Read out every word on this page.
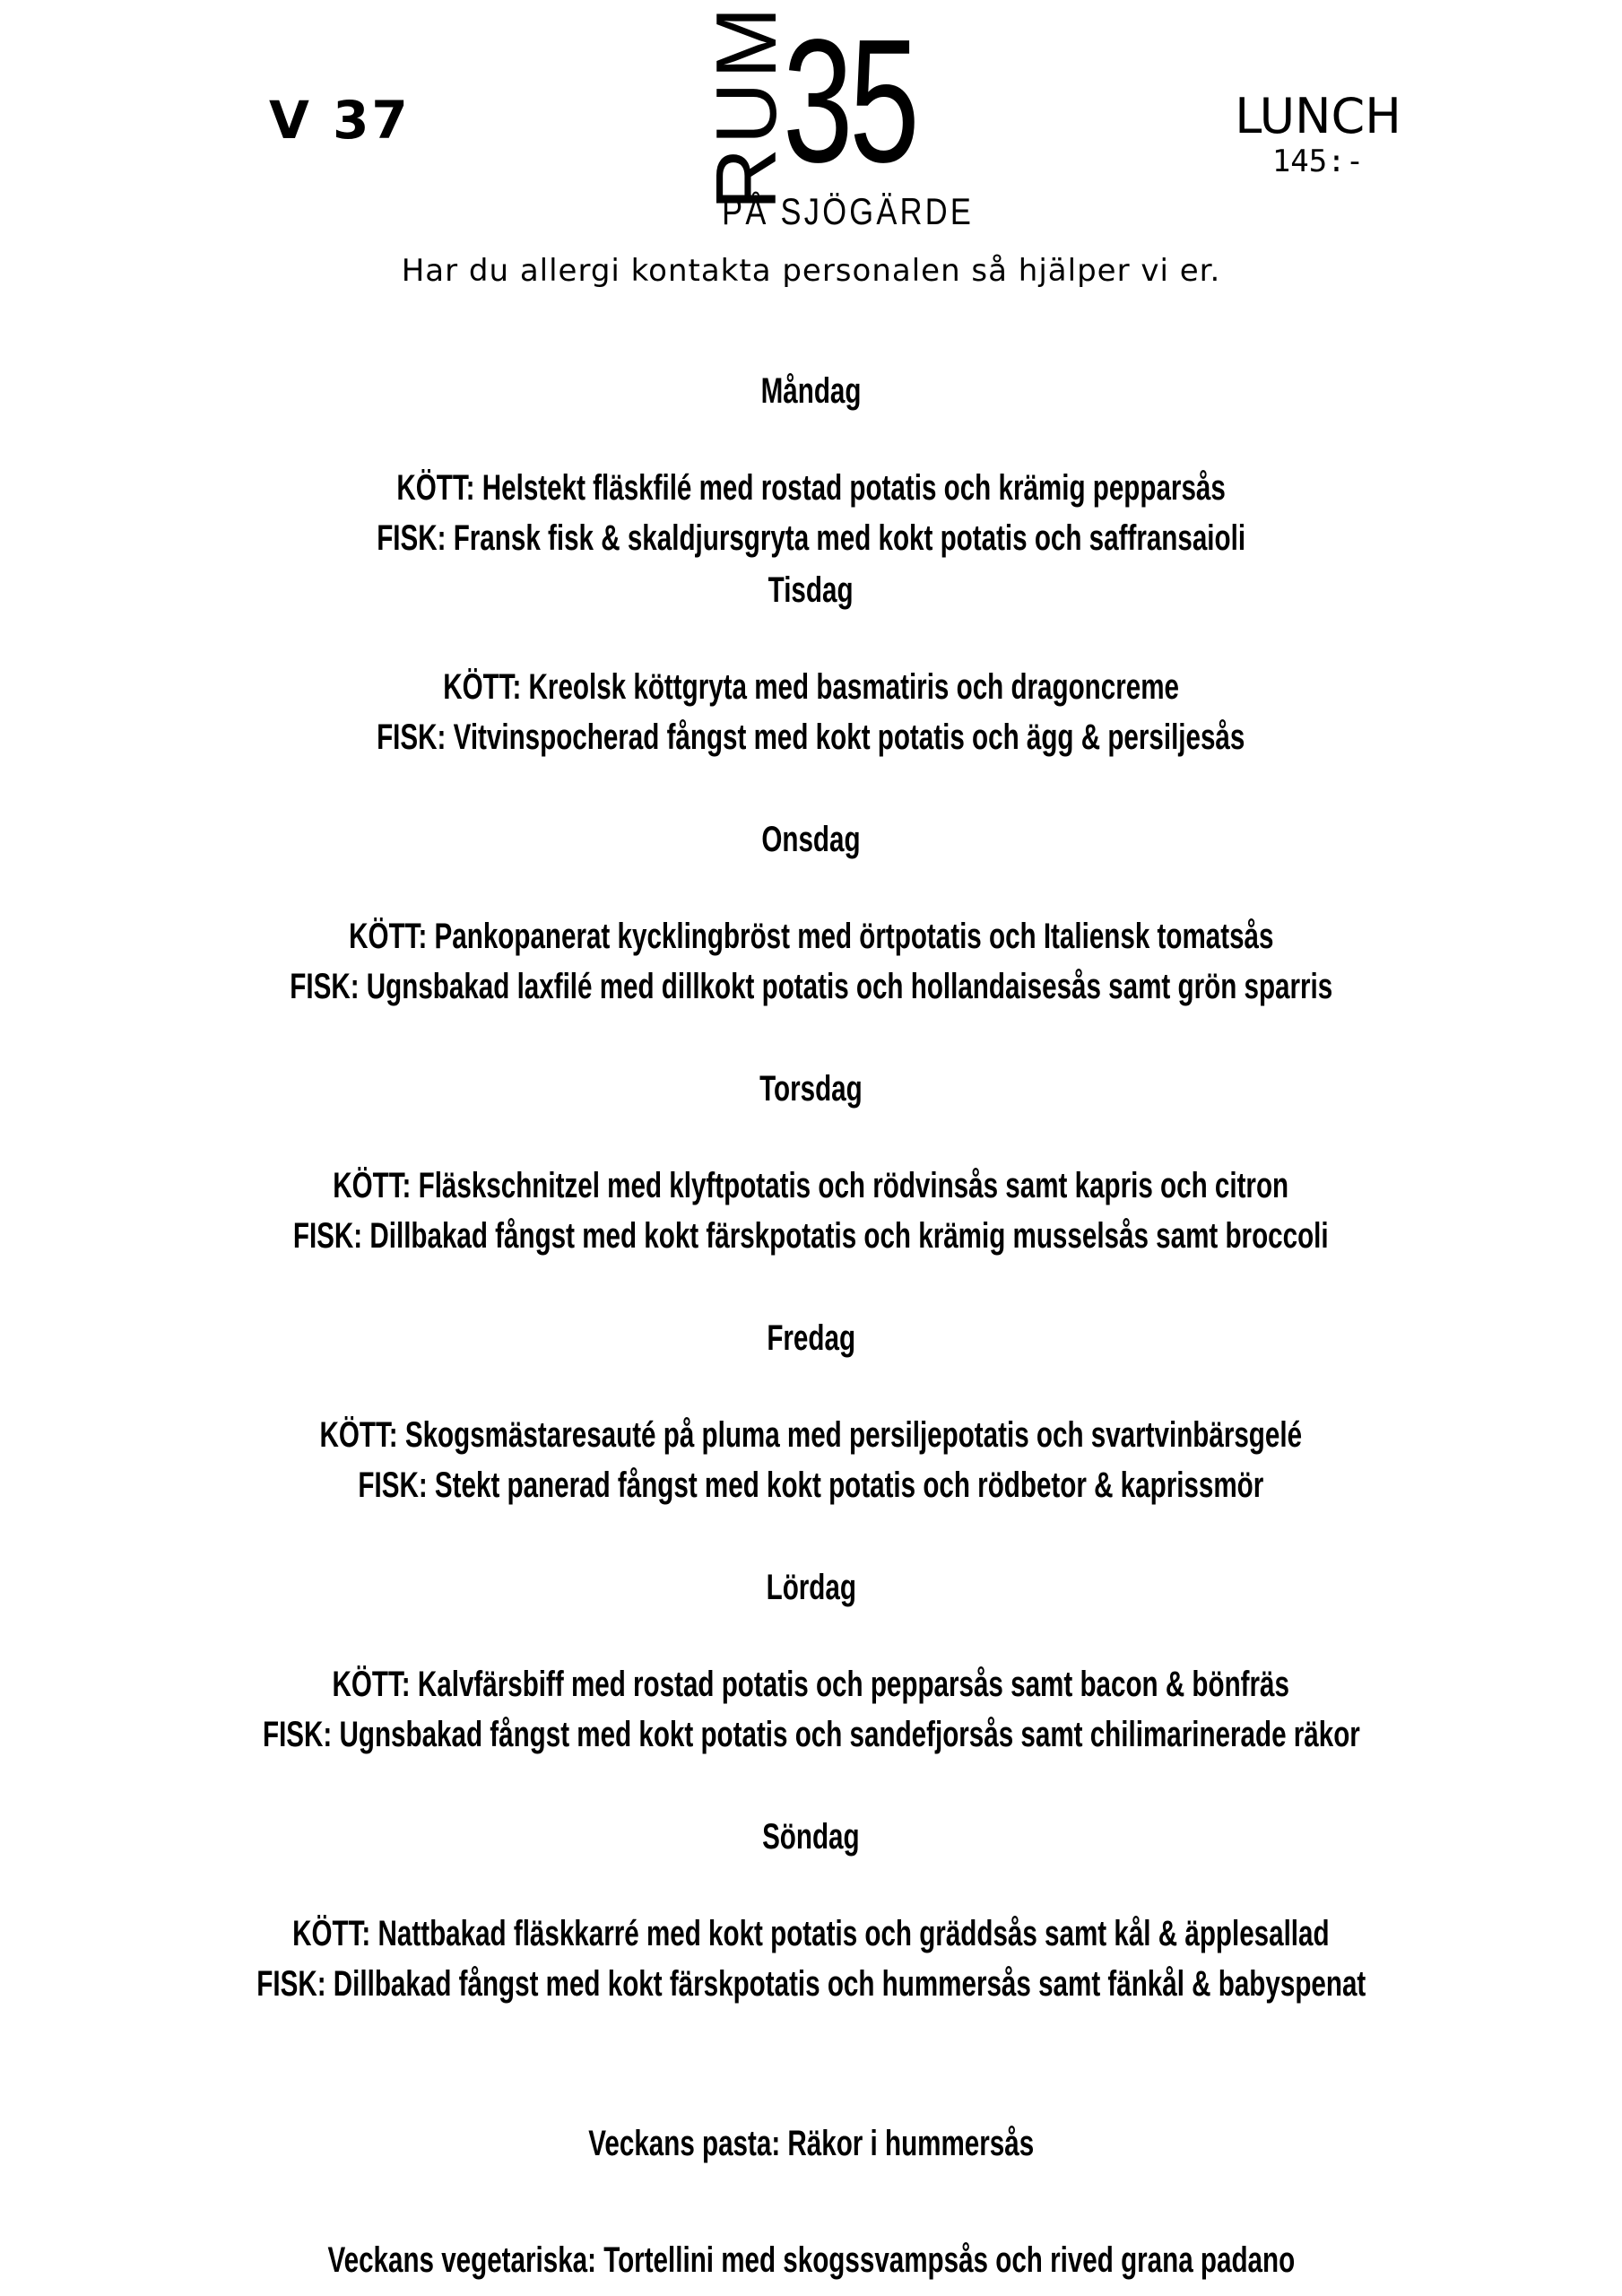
V 37	RUM
35
PÅ SJÖGÄRDE
LUNCH
145:-
Har du allergi kontakta personalen så hjälper vi er.
Måndag
KÖTT: Helstekt fläskfilé med rostad potatis och krämig pepparsås
FISK: Fransk fisk & skaldjursgryta med kokt potatis och saffransaioli
Tisdag
KÖTT: Kreolsk köttgryta med basmatiris och dragoncreme
FISK: Vitvinspocherad fångst med kokt potatis och ägg & persiljesås
Onsdag
KÖTT: Pankopanerat kycklingbröst med örtpotatis och Italiensk tomatsås
FISK: Ugnsbakad laxfilé med dillkokt potatis och hollandaisesås samt grön sparris
Torsdag
KÖTT: Fläskschnitzel med klyftpotatis och rödvinsås samt kapris och citron
FISK: Dillbakad fångst med kokt färskpotatis och krämig musselsås samt broccoli
Fredag
KÖTT: Skogsmästaresauté på pluma med persiljepotatis och svartvinbärsgelé
FISK: Stekt panerad fångst med kokt potatis och rödbetor & kaprissmör
Lördag
KÖTT: Kalvfärsbiff med rostad potatis och pepparsås samt bacon & bönfräs
FISK: Ugnsbakad fångst med kokt potatis och sandefjorsås samt chilimarinerade räkor
Söndag
KÖTT: Nattbakad fläskkarré med kokt potatis och gräddsås samt kål & äpplesallad
FISK: Dillbakad fångst med kokt färskpotatis och hummersås samt fänkål & babyspenat
Veckans pasta: Räkor i hummersås
Veckans vegetariska: Tortellini med skogssvampsås och rived grana padano
